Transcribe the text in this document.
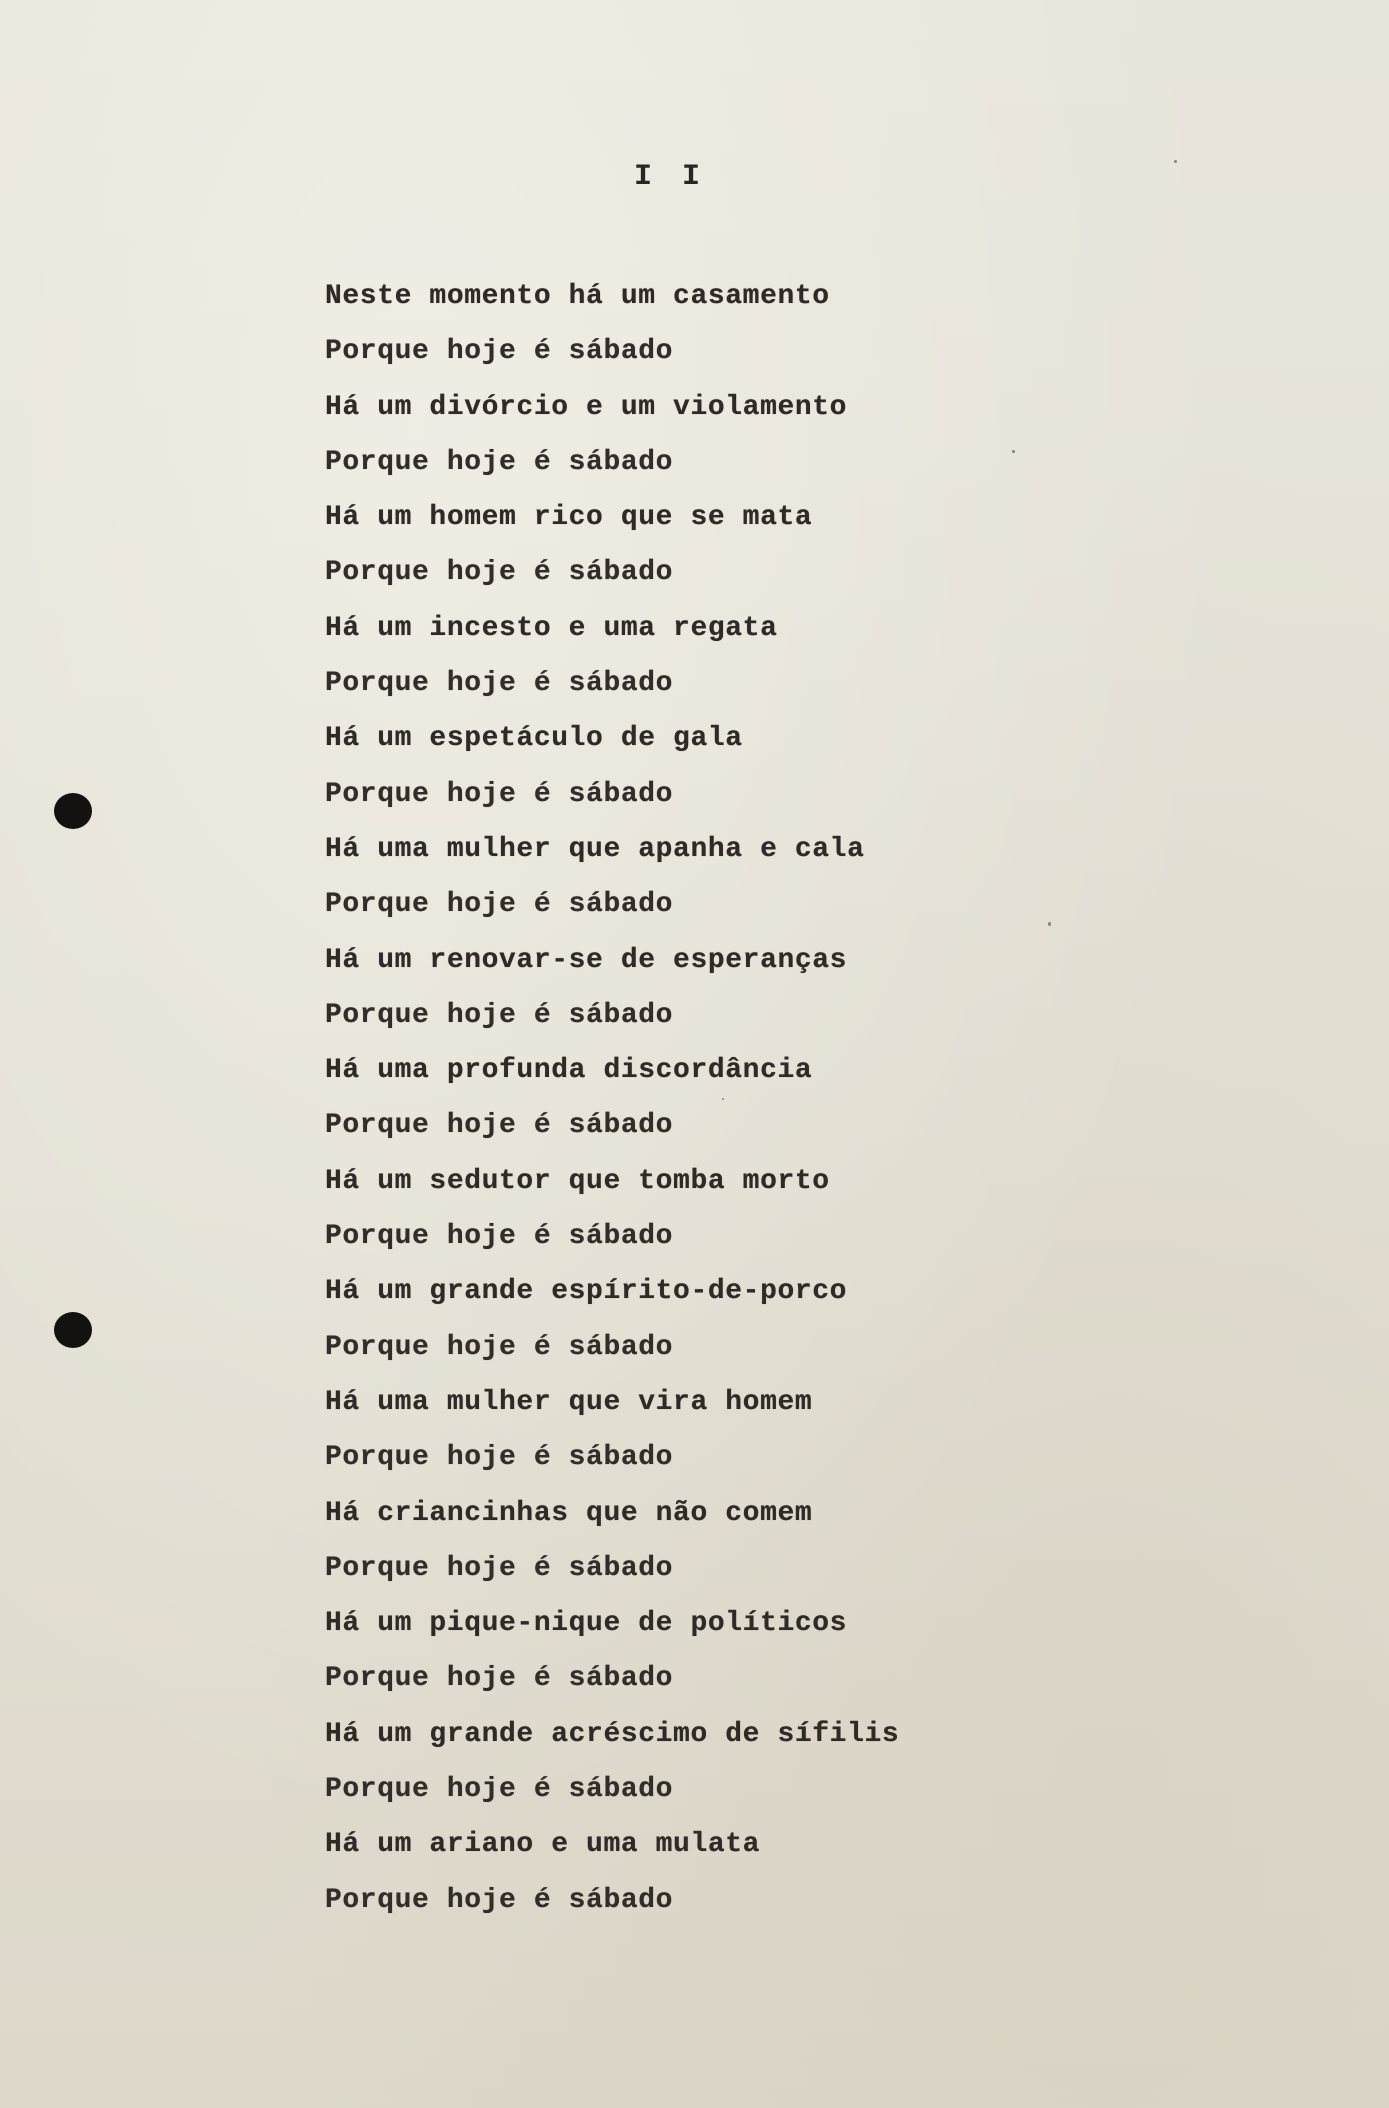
I I
Neste momento há um casamento
Porque hoje é sábado
Há um divórcio e um violamento
Porque hoje é sábado
Há um homem rico que se mata
Porque hoje é sábado
Há um incesto e uma regata
Porque hoje é sábado
Há um espetáculo de gala
Porque hoje é sábado
Há uma mulher que apanha e cala
Porque hoje é sábado
Há um renovar-se de esperanças
Porque hoje é sábado
Há uma profunda discordância
Porque hoje é sábado
Há um sedutor que tomba morto
Porque hoje é sábado
Há um grande espírito-de-porco
Porque hoje é sábado
Há uma mulher que vira homem
Porque hoje é sábado
Há criancinhas que não comem
Porque hoje é sábado
Há um pique-nique de políticos
Porque hoje é sábado
Há um grande acréscimo de sífilis
Porque hoje é sábado
Há um ariano e uma mulata
Porque hoje é sábado
